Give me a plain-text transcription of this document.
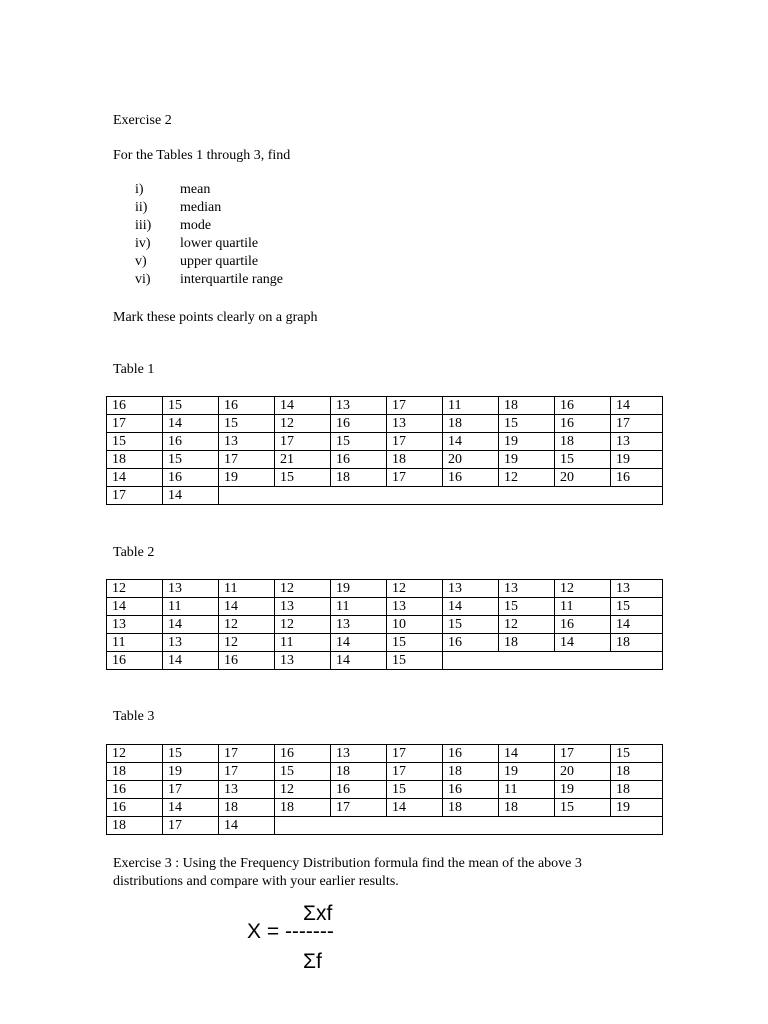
Exercise 2
For the Tables 1 through 3, find
i)	mean
ii) median
iii) mode
iv) lower quartile
v) upper quartile
vi) interquartile range
Mark these points clearly on a graph
Table 1
16	15	16	14	13	17	11	18	16	14
17	14	15	12	16	13	18	15	16	17
15	16	13	17	15	17	14	19	18	13
18	15	17	21	16	18	20	19	15	19
14	16	19	15	18	17	16	12	20	16
17	14								
Table 2
12	13	11	12	19	12	13	13	12	13
14	11	14	13	11	13	14	15	11	15
13	14	12	12	13	10	15	12	16	14
11	13	12	11	14	15	16	18	14	18
16	14	16	13	14	15				
Table 3
12	15	17	16	13	17	16	14	17	15
18	19	17	15	18	17	18	19	20	18
16	17	13	12	16	15	16	11	19	18
16	14	18	18	17	14	18	18	15	19
18	17	14							
Exercise 3 : Using the Frequency Distribution formula find the mean of the above 3
distributions and compare with your earlier results.
Σxf
X = -------
Σf
